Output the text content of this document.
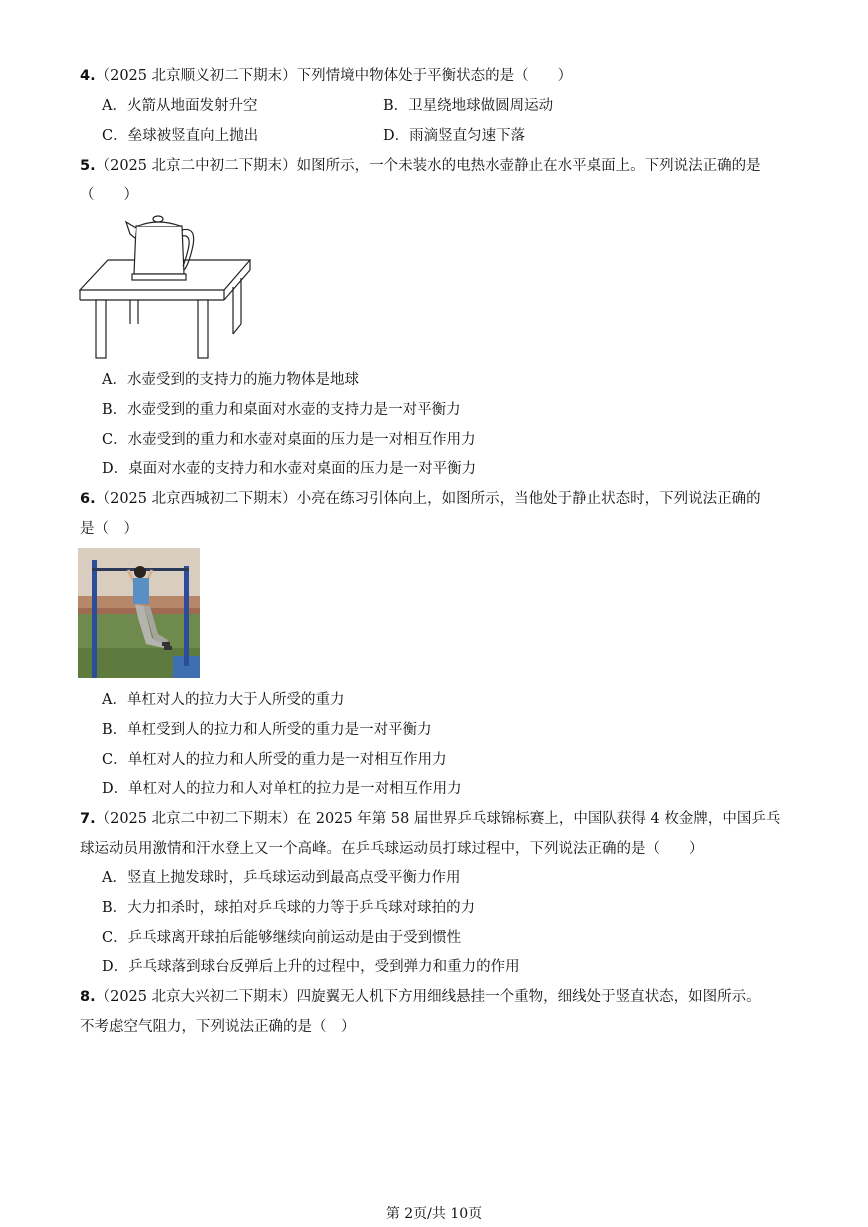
4.（2025 北京顺义初二下期末）下列情境中物体处于平衡状态的是（　　）
A．火箭从地面发射升空	B．卫星绕地球做圆周运动
C．垒球被竖直向上抛出	D．雨滴竖直匀速下落
5.（2025 北京二中初二下期末）如图所示，一个未装水的电热水壶静止在水平桌面上。下列说法正确的是
（　　）
A．水壶受到的支持力的施力物体是地球
B．水壶受到的重力和桌面对水壶的支持力是一对平衡力
C．水壶受到的重力和水壶对桌面的压力是一对相互作用力
D．桌面对水壶的支持力和水壶对桌面的压力是一对平衡力
6.（2025 北京西城初二下期末）小亮在练习引体向上，如图所示，当他处于静止状态时，下列说法正确的
是（　）
A．单杠对人的拉力大于人所受的重力
B．单杠受到人的拉力和人所受的重力是一对平衡力
C．单杠对人的拉力和人所受的重力是一对相互作用力
D．单杠对人的拉力和人对单杠的拉力是一对相互作用力
7.（2025 北京二中初二下期末）在 2025 年第 58 届世界乒乓球锦标赛上，中国队获得 4 枚金牌，中国乒乓
球运动员用激情和汗水登上又一个高峰。在乒乓球运动员打球过程中，下列说法正确的是（　　）
A．竖直上抛发球时，乒乓球运动到最高点受平衡力作用
B．大力扣杀时，球拍对乒乓球的力等于乒乓球对球拍的力
C．乒乓球离开球拍后能够继续向前运动是由于受到惯性
D．乒乓球落到球台反弹后上升的过程中，受到弹力和重力的作用
8.（2025 北京大兴初二下期末）四旋翼无人机下方用细线悬挂一个重物，细线处于竖直状态，如图所示。
不考虑空气阻力，下列说法正确的是（　）
第 2页/共 10页
